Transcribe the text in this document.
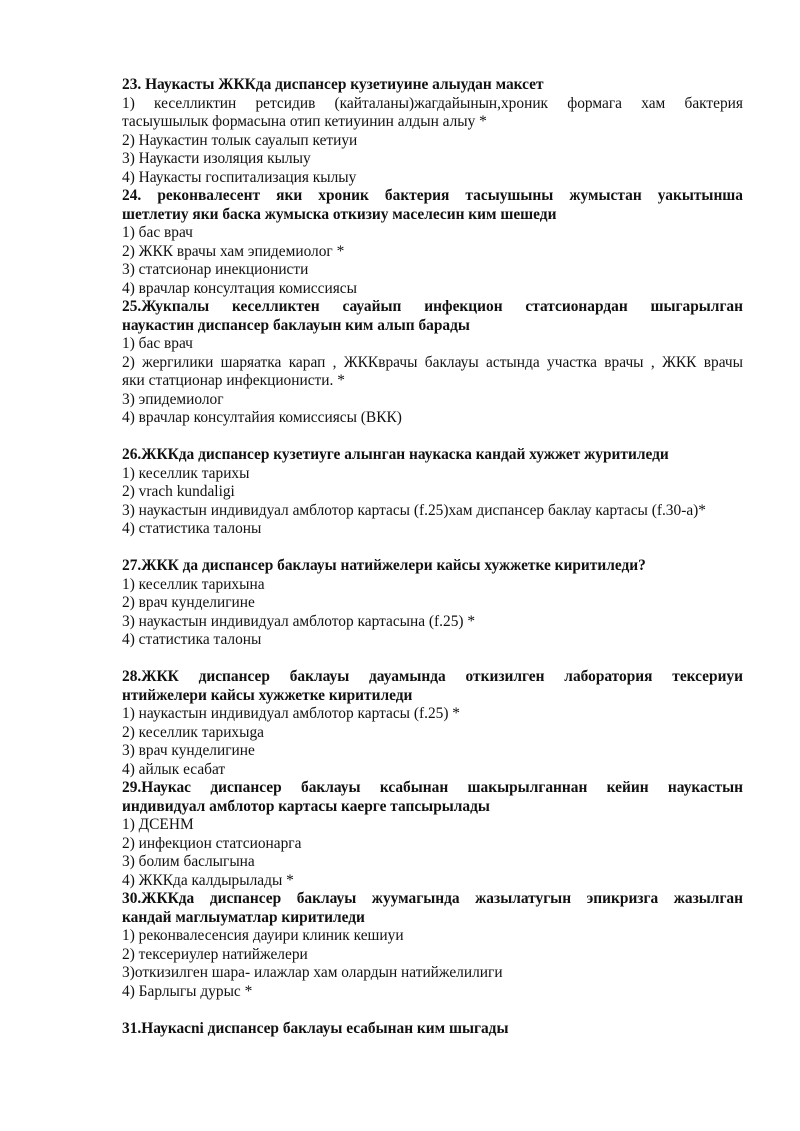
23. Наукасты ЖККда диспансер кузетиуине алыудан максет
1) кеселликтин ретсидив (кайталаны)жагдайынын,хроник формага хам бактерия
тасыушылык формасына отип кетиуинин алдын алыу *
2) Наукастин толык сауалып кетиуи
3) Наукасти изоляция кылыу
4) Наукасты госпитализация кылыу
24. реконвалесент яки хроник бактерия тасыушыны жумыстан уакытынша
шетлетиу яки баска жумыска откизиу маселесин ким шешеди
1) бас врач
2) ЖКК врачы хам эпидемиолог *
3) статсионар инекционисти
4) врачлар консултация комиссиясы
25.Жукпалы кеселликтен сауайып инфекцион статсионардан шыгарылган
наукастин диспансер баклауын ким алып барады
1) бас врач
2) жергилики шаряатка карап , ЖККврачы баклауы астында участка врачы , ЖКК врачы
яки статционар инфекционисти. *
3) эпидемиолог
4) врачлар консултайия комиссиясы (ВКК)
26.ЖККда диспансер кузетиуге алынган наукаска кандай хужжет журитиледи
1) кеселлик тарихы
2) vrach kundaligi
3) наукастын индивидуал амблотор картасы (f.25)хам диспансер баклау картасы (f.30-a)*
4) статистика талоны
27.ЖКК да диспансер баклауы натийжелери кайсы хужжетке киритиледи?
1) кеселлик тарихына
2) врач кунделигине
3) наукастын индивидуал амблотор картасына (f.25) *
4) статистика талоны
28.ЖКК диспансер баклауы дауамында откизилген лаборатория тексериуи
нтийжелери кайсы хужжетке киритиледи
1) наукастын индивидуал амблотор картасы (f.25) *
2) кеселлик тарихыga
3) врач кунделигине
4) айлык есабат
29.Наукас диспансер баклауы ксабынан шакырылганнан кейин наукастын
индивидуал амблотор картасы каерге тапсырылады
1) ДСЕНМ
2) инфекцион статсионарга
3) болим баслыгына
4) ЖККда калдырылады *
30.ЖККда диспансер баклауы жуумагында жазылатугын эпикризга жазылган
кандай маглыуматлар киритиледи
1) реконвалесенсия дауири клиник кешиуи
2) тексериулер натийжелери
3)откизилген шара- илажлар хам олардын натийжелилиги
4) Барлыгы дурыс *
31.Наукасnі диспансер баклауы есабынан ким шыгады
